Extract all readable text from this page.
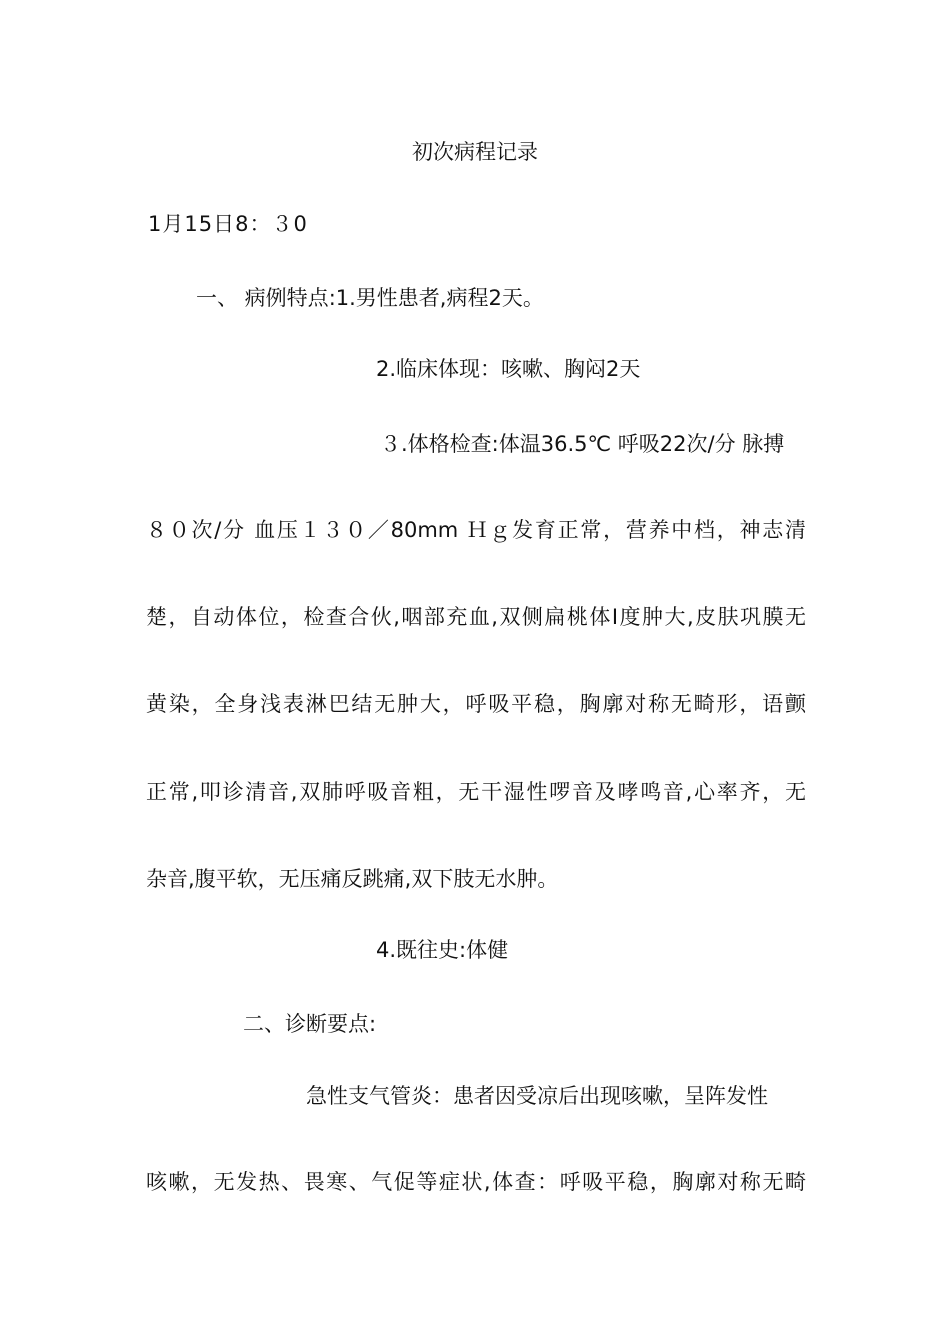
初次病程记录
1月15日8：３0
一、 病例特点:1.男性患者,病程2天。
2.临床体现：咳嗽、胸闷2天
３.体格检查:体温36.5℃ 呼吸22次/分 脉搏
８０次/分 血压１３０／80mm Ｈｇ发育正常，营养中档，神志清
楚，自动体位，检查合伙,咽部充血,双侧扁桃体Ⅰ度肿大,皮肤巩膜无
黄染，全身浅表淋巴结无肿大，呼吸平稳，胸廓对称无畸形，语颤
正常,叩诊清音,双肺呼吸音粗，无干湿性啰音及哮鸣音,心率齐，无
杂音,腹平软，无压痛反跳痛,双下肢无水肿。
4.既往史:体健
二、诊断要点:
急性支气管炎：患者因受凉后出现咳嗽，呈阵发性
咳嗽，无发热、畏寒、气促等症状,体查：呼吸平稳，胸廓对称无畸
